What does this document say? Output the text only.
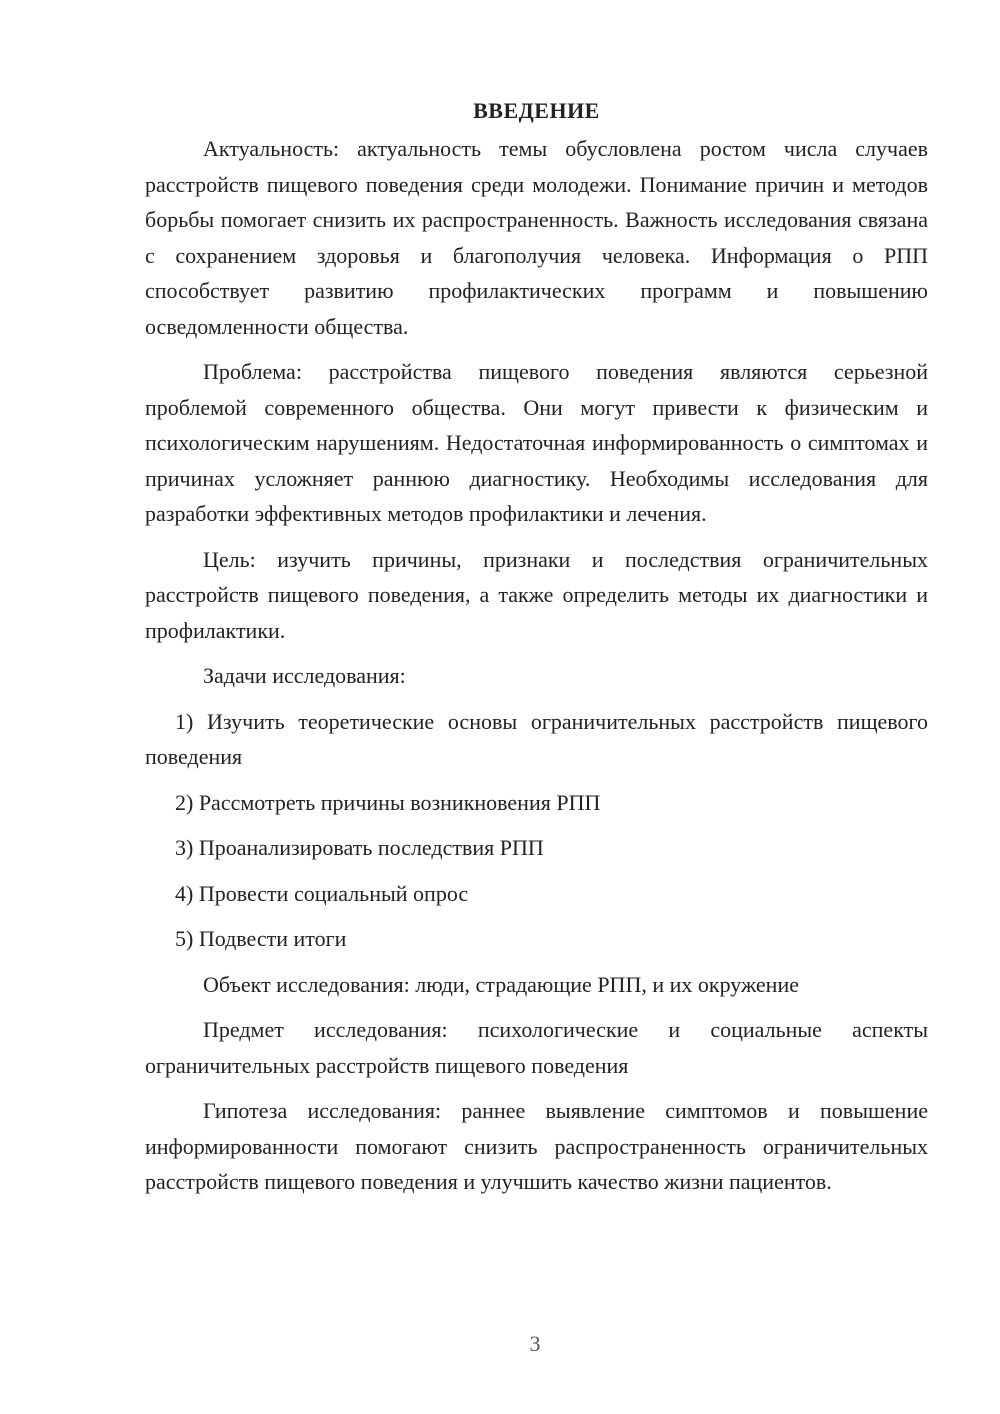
ВВЕДЕНИЕ

Актуальность: актуальность темы обусловлена ростом числа случаев расстройств пищевого поведения среди молодежи. Понимание причин и методов борьбы помогает снизить их распространенность. Важность исследования связана с сохранением здоровья и благополучия человека. Информация о РПП способствует развитию профилактических программ и повышению осведомленности общества.

Проблема: расстройства пищевого поведения являются серьезной проблемой современного общества. Они могут привести к физическим и психологическим нарушениям. Недостаточная информированность о симптомах и причинах усложняет раннюю диагностику. Необходимы исследования для разработки эффективных методов профилактики и лечения.

Цель: изучить причины, признаки и последствия ограничительных расстройств пищевого поведения, а также определить методы их диагностики и профилактики.

Задачи исследования:

1) Изучить теоретические основы ограничительных расстройств пищевого поведения

2) Рассмотреть причины возникновения РПП

3) Проанализировать последствия РПП

4) Провести социальный опрос

5) Подвести итоги

Объект исследования: люди, страдающие РПП, и их окружение

Предмет исследования: психологические и социальные аспекты ограничительных расстройств пищевого поведения

Гипотеза исследования: раннее выявление симптомов и повышение информированности помогают снизить распространенность ограничительных расстройств пищевого поведения и улучшить качество жизни пациентов.

3
